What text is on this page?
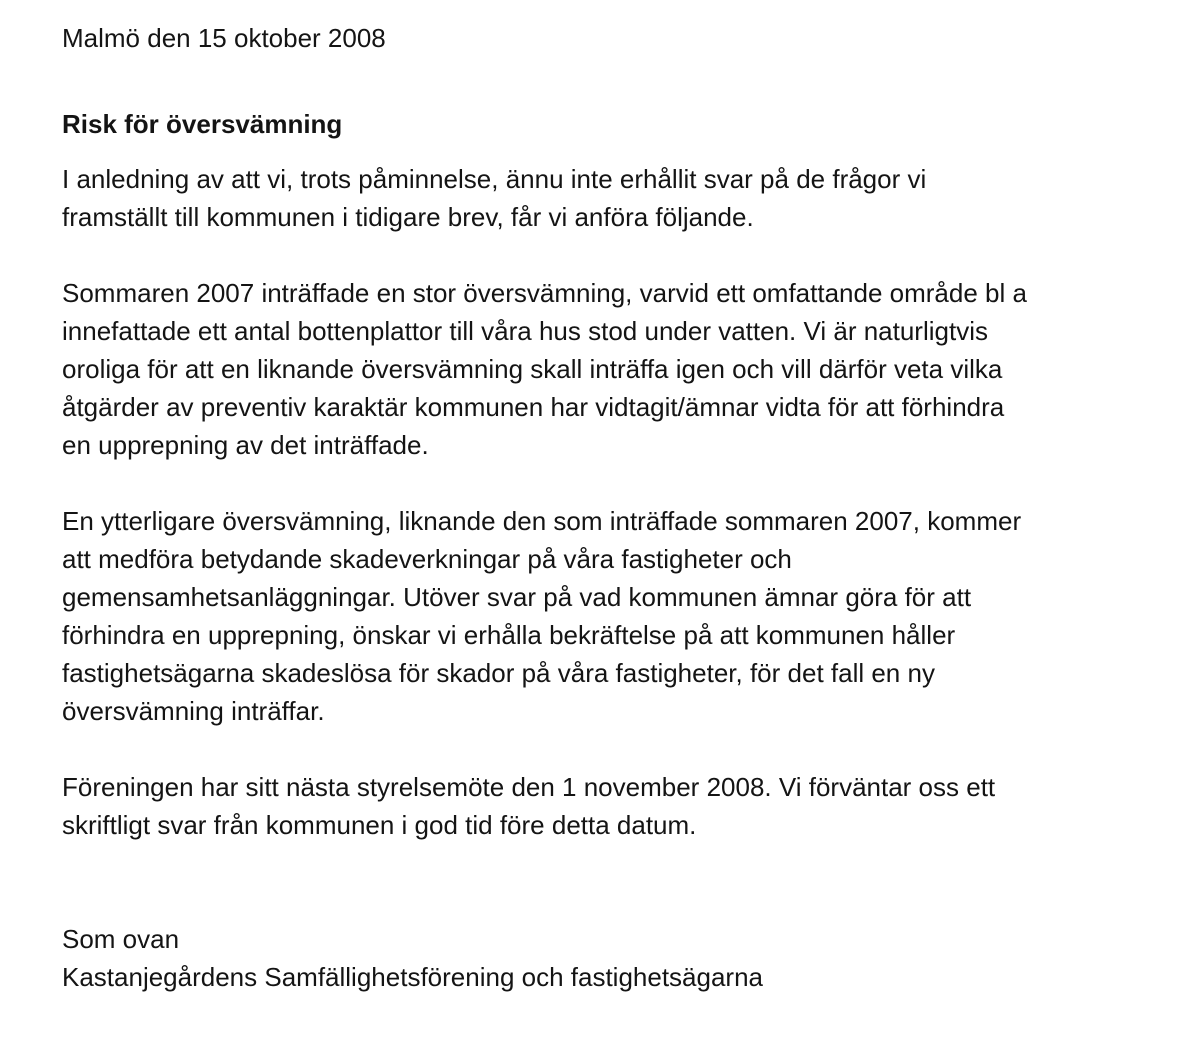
Malmö den 15 oktober 2008

Risk för översvämning

I anledning av att vi, trots påminnelse, ännu inte erhållit svar på de frågor vi
framställt till kommunen i tidigare brev, får vi anföra följande.

Sommaren 2007 inträffade en stor översvämning, varvid ett omfattande område bl a
innefattade ett antal bottenplattor till våra hus stod under vatten. Vi är naturligtvis
oroliga för att en liknande översvämning skall inträffa igen och vill därför veta vilka
åtgärder av preventiv karaktär kommunen har vidtagit/ämnar vidta för att förhindra
en upprepning av det inträffade.

En ytterligare översvämning, liknande den som inträffade sommaren 2007, kommer
att medföra betydande skadeverkningar på våra fastigheter och
gemensamhetsanläggningar. Utöver svar på vad kommunen ämnar göra för att
förhindra en upprepning, önskar vi erhålla bekräftelse på att kommunen håller
fastighetsägarna skadeslösa för skador på våra fastigheter, för det fall en ny
översvämning inträffar.

Föreningen har sitt nästa styrelsemöte den 1 november 2008. Vi förväntar oss ett
skriftligt svar från kommunen i god tid före detta datum.

Som ovan
Kastanjegårdens Samfällighetsförening och fastighetsägarna
